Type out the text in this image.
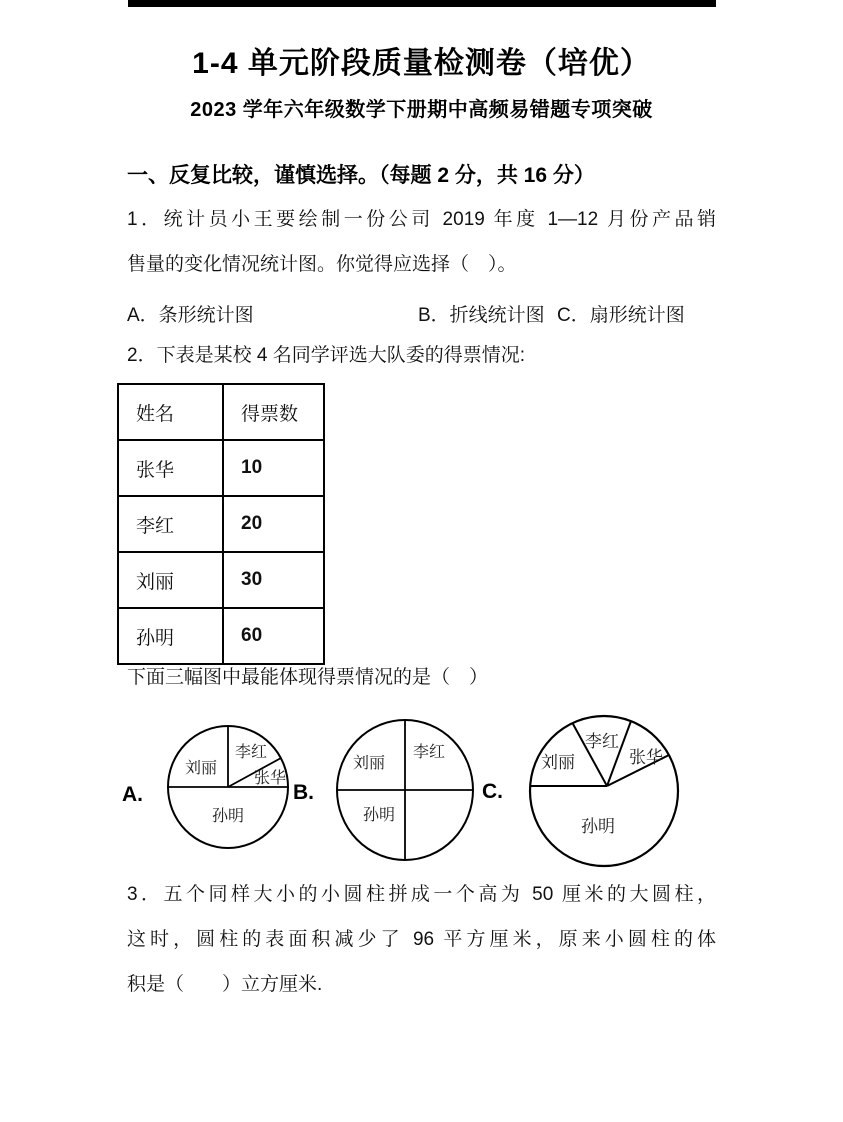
1-4 单元阶段质量检测卷（培优）
2023 学年六年级数学下册期中高频易错题专项突破
一、反复比较，谨慎选择。（每题 2 分，共 16 分）
1．统计员小王要绘制一份公司 2019 年度 1—12 月份产品销
售量的变化情况统计图。你觉得应选择（　）。
A．条形统计图	B．折线统计图 C．扇形统计图
2．下表是某校 4 名同学评选大队委的得票情况:
姓名	得票数
张华	10
李红	20
刘丽	30
孙明	60
下面三幅图中最能体现得票情况的是（　）
A.	B.	C.
刘丽
李红
张华
孙明
刘丽
李红
孙明
刘丽
李红
张华
孙明
3．五个同样大小的小圆柱拼成一个高为 50 厘米的大圆柱，
这时，圆柱的表面积减少了 96 平方厘米，原来小圆柱的体
积是（　　）立方厘米.
